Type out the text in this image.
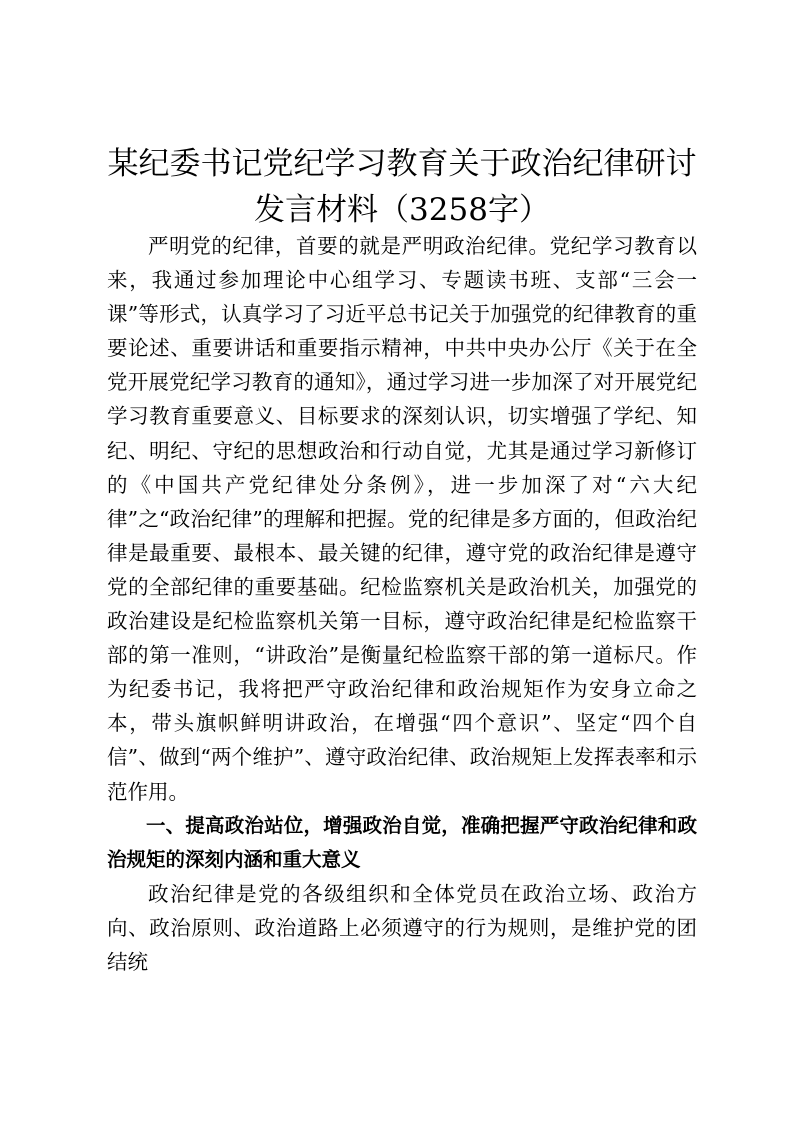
某纪委书记党纪学习教育关于政治纪律研讨发言材料（3258字）

严明党的纪律，首要的就是严明政治纪律。党纪学习教育以来，我通过参加理论中心组学习、专题读书班、支部“三会一课”等形式，认真学习了习近平总书记关于加强党的纪律教育的重要论述、重要讲话和重要指示精神，中共中央办公厅《关于在全党开展党纪学习教育的通知》，通过学习进一步加深了对开展党纪学习教育重要意义、目标要求的深刻认识，切实增强了学纪、知纪、明纪、守纪的思想政治和行动自觉，尤其是通过学习新修订的《中国共产党纪律处分条例》，进一步加深了对“六大纪律”之“政治纪律”的理解和把握。党的纪律是多方面的，但政治纪律是最重要、最根本、最关键的纪律，遵守党的政治纪律是遵守党的全部纪律的重要基础。纪检监察机关是政治机关，加强党的政治建设是纪检监察机关第一目标，遵守政治纪律是纪检监察干部的第一准则，“讲政治”是衡量纪检监察干部的第一道标尺。作为纪委书记，我将把严守政治纪律和政治规矩作为安身立命之本，带头旗帜鲜明讲政治，在增强“四个意识”、坚定“四个自信”、做到“两个维护”、遵守政治纪律、政治规矩上发挥表率和示范作用。

一、提高政治站位，增强政治自觉，准确把握严守政治纪律和政治规矩的深刻内涵和重大意义

政治纪律是党的各级组织和全体党员在政治立场、政治方向、政治原则、政治道路上必须遵守的行为规则，是维护党的团结统
